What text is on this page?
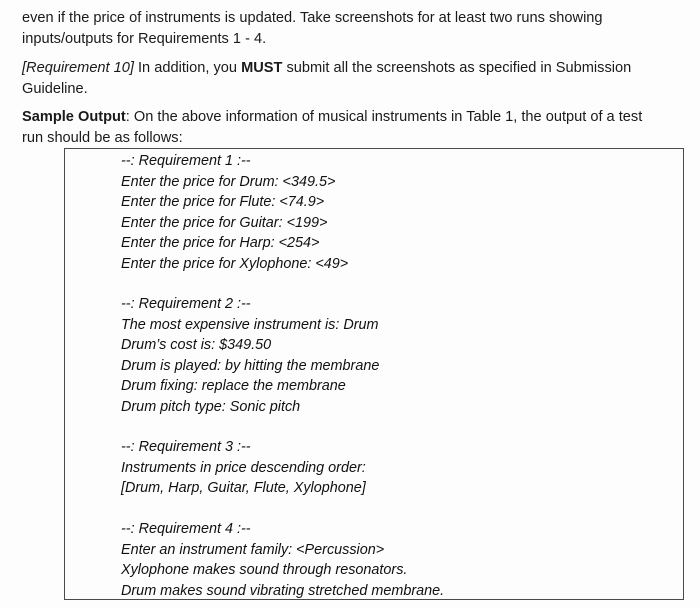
even if the price of instruments is updated. Take screenshots for at least two runs showing
inputs/outputs for Requirements 1 - 4.

[Requirement 10] In addition, you MUST submit all the screenshots as specified in Submission
Guideline.

Sample Output: On the above information of musical instruments in Table 1, the output of a test
run should be as follows:

--: Requirement 1 :--
Enter the price for Drum: <349.5>
Enter the price for Flute: <74.9>
Enter the price for Guitar: <199>
Enter the price for Harp: <254>
Enter the price for Xylophone: <49>
--: Requirement 2 :--
The most expensive instrument is: Drum
Drum’s cost is: $349.50
Drum is played: by hitting the membrane
Drum fixing: replace the membrane
Drum pitch type: Sonic pitch
--: Requirement 3 :--
Instruments in price descending order:
[Drum, Harp, Guitar, Flute, Xylophone]
--: Requirement 4 :--
Enter an instrument family: <Percussion>
Xylophone makes sound through resonators.
Drum makes sound vibrating stretched membrane.
